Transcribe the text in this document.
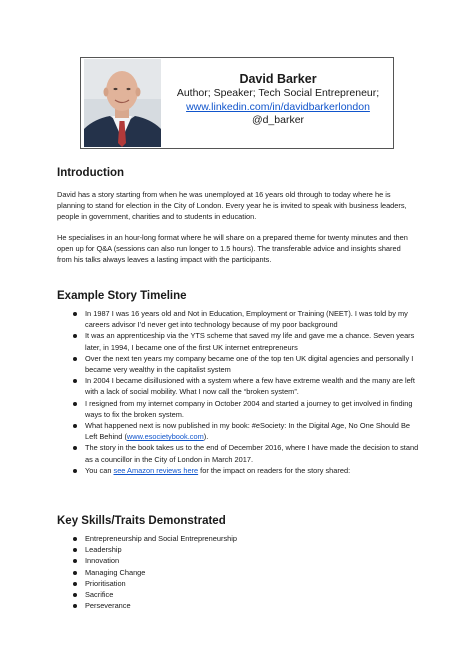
David Barker
Author; Speaker; Tech Social Entrepreneur;
www.linkedin.com/in/davidbarkerlondon
@d_barker
Introduction

David has a story starting from when he was unemployed at 16 years old through to today where he is planning to stand for election in the City of London. Every year he is invited to speak with business leaders, people in government, charities and to students in education.

He specialises in an hour-long format where he will share on a prepared theme for twenty minutes and then open up for Q&A (sessions can also run longer to 1.5 hours). The transferable advice and insights shared from his talks always leaves a lasting impact with the participants.

Example Story Timeline
In 1987 I was 16 years old and Not in Education, Employment or Training (NEET). I was told by my careers advisor I’d never get into technology because of my poor background
It was an apprenticeship via the YTS scheme that saved my life and gave me a chance. Seven years later, in 1994, I became one of the first UK internet entrepreneurs
Over the next ten years my company became one of the top ten UK digital agencies and personally I became very wealthy in the capitalist system
In 2004 I became disillusioned with a system where a few have extreme wealth and the many are left with a lack of social mobility. What I now call the “broken system”.
I resigned from my internet company in October 2004 and started a journey to get involved in finding ways to fix the broken system.
What happened next is now published in my book: #eSociety: In the Digital Age, No One Should Be Left Behind (www.esocietybook.com).
The story in the book takes us to the end of December 2016, where I have made the decision to stand as a councillor in the City of London in March 2017.
You can see Amazon reviews here for the impact on readers for the story shared:
Key Skills/Traits Demonstrated
Entrepreneurship and Social Entrepreneurship
Leadership
Innovation
Managing Change
Prioritisation
Sacrifice
Perseverance
